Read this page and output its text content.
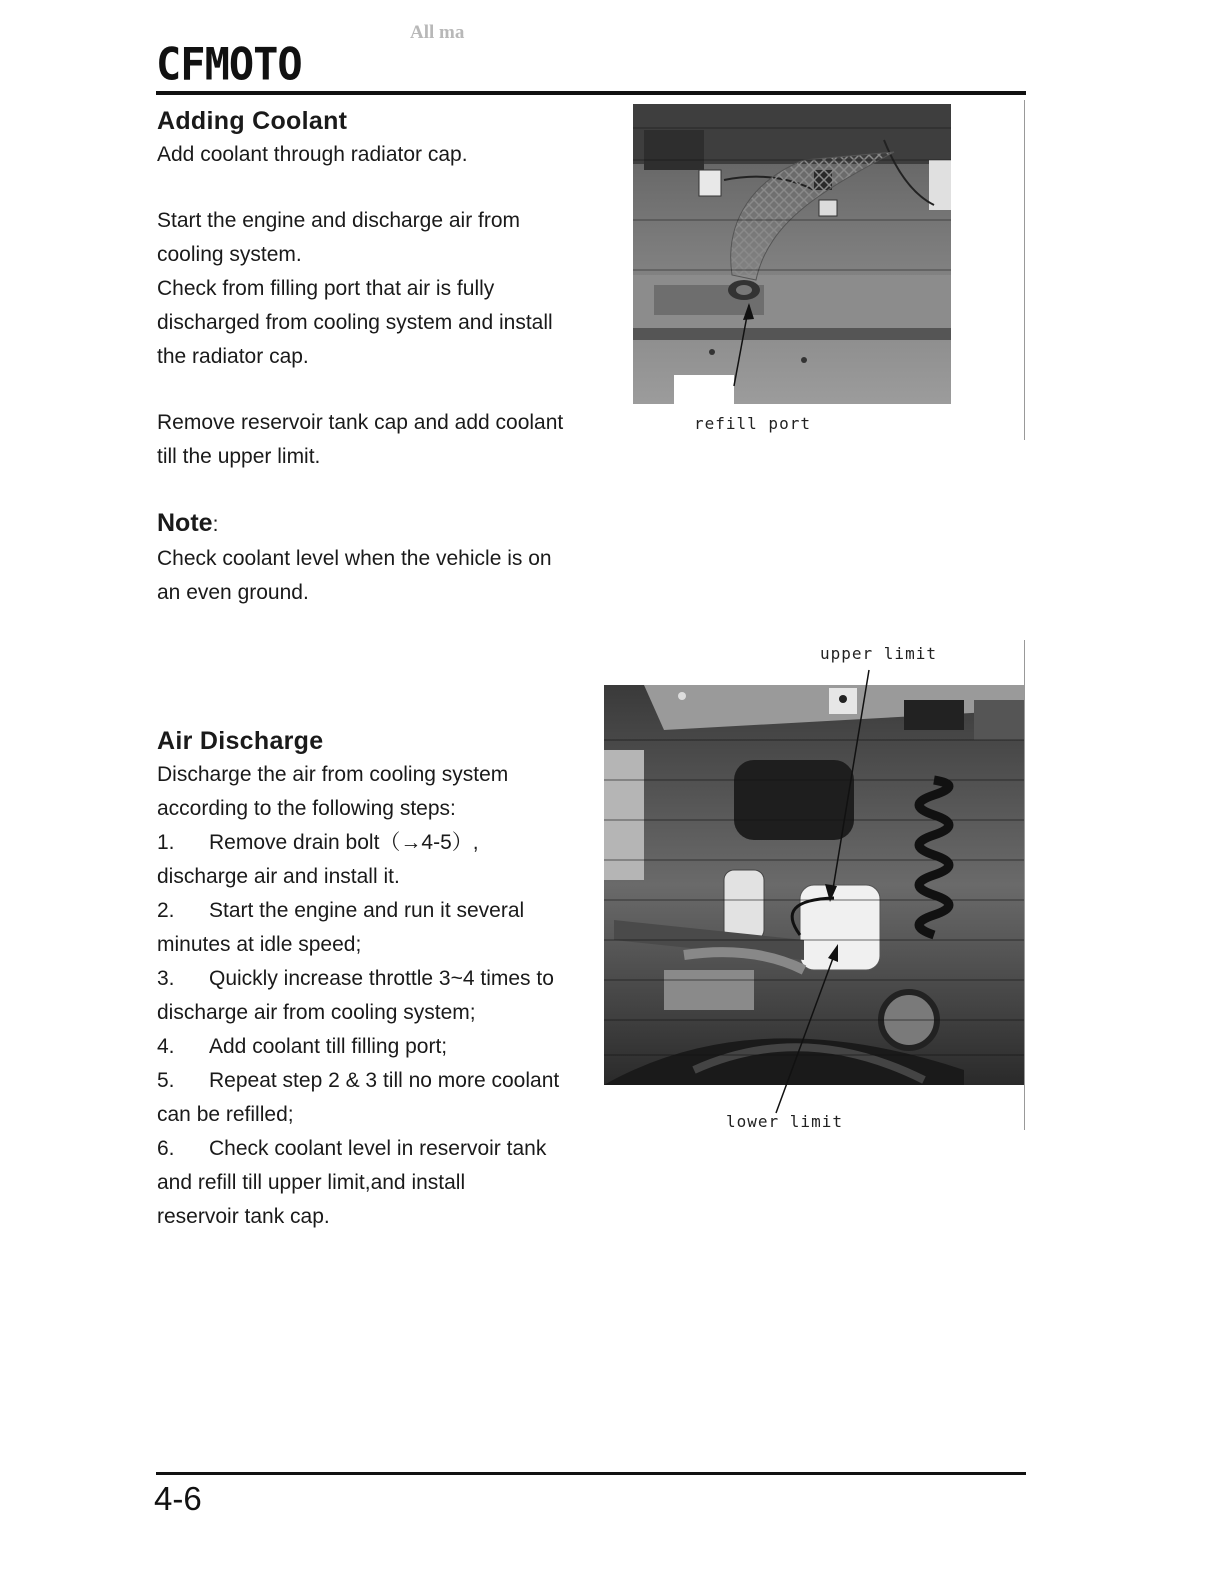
All ma
CFMOTO
Adding Coolant

Add coolant through radiator cap.

Start the engine and discharge air from
cooling system.
Check from filling port that air is fully
discharged from cooling system and install
the radiator cap.

Remove reservoir tank cap and add coolant
till the upper limit.

Note:

Check coolant level when the vehicle is on
an even ground.

Air Discharge

Discharge the air from cooling system
according to the following steps:

1. Remove drain bolt（→4-5）,
discharge air and install it.

2. Start the engine and run it several
minutes at idle speed;

3. Quickly increase throttle 3~4 times to
discharge air from cooling system;

4. Add coolant till filling port;

5. Repeat step 2 & 3 till no more coolant
can be refilled;

6. Check coolant level in reservoir tank
and refill till upper limit,and install
reservoir tank cap.

refill port
upper limit
lower limit
4-6
